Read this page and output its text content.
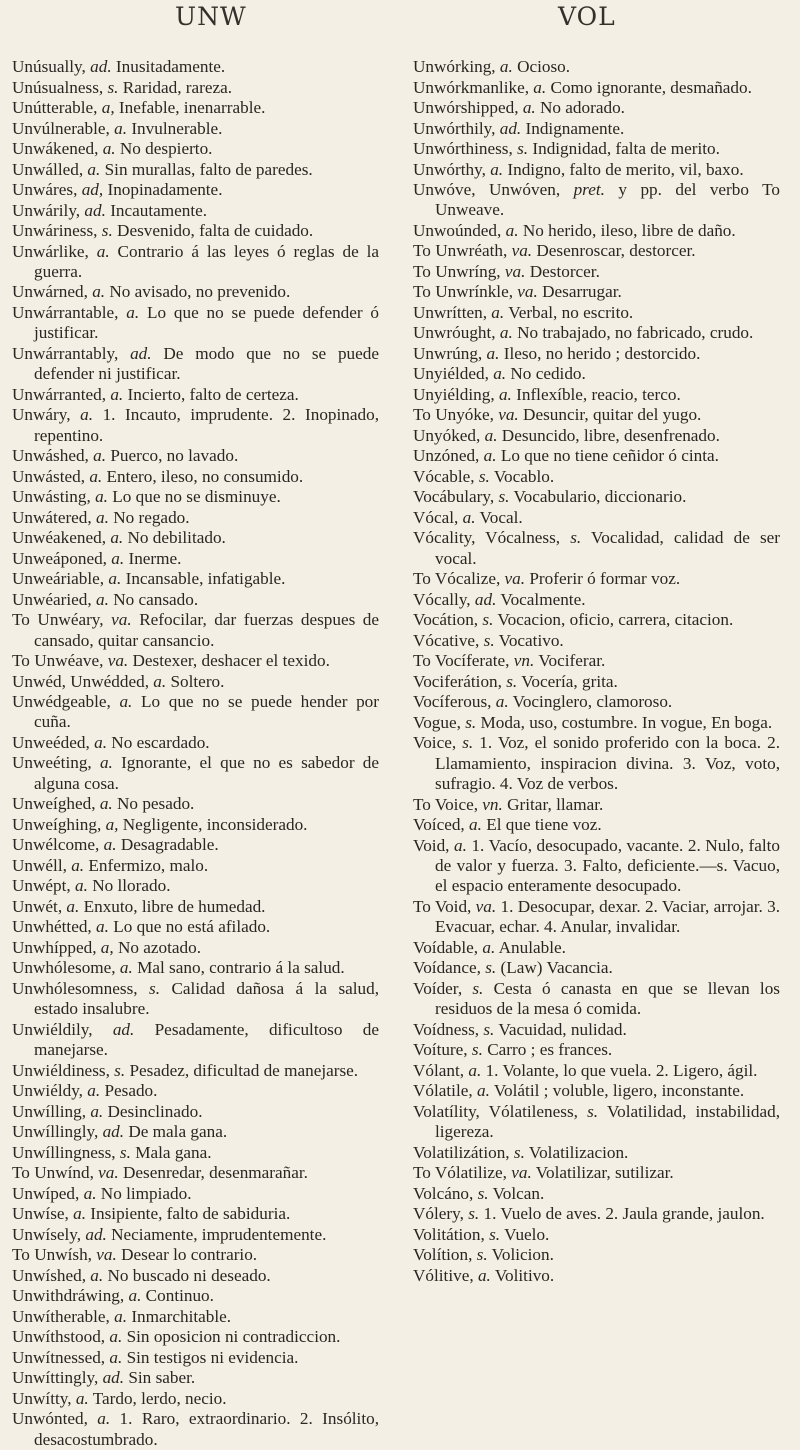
UNW	VOL
Unúsually, ad. Inusitadamente.
Unúsualness, s. Raridad, rareza.
Unútterable, a, Inefable, inenarrable.
Unvúlnerable, a. Invulnerable.
Unwákened, a. No despierto.
Unwálled, a. Sin murallas, falto de paredes.
Unwáres, ad, Inopinadamente.
Unwárily, ad. Incautamente.
Unwáriness, s. Desvenido, falta de cuidado.
Unwárlike, a. Contrario á las leyes ó reglas de la guerra.
Unwárned, a. No avisado, no prevenido.
Unwárrantable, a. Lo que no se puede defender ó justificar.
Unwárrantably, ad. De modo que no se puede defender ni justificar.
Unwárranted, a. Incierto, falto de certeza.
Unwáry, a. 1. Incauto, imprudente. 2. Inopinado, repentino.
Unwáshed, a. Puerco, no lavado.
Unwásted, a. Entero, ileso, no consumido.
Unwásting, a. Lo que no se disminuye.
Unwátered, a. No regado.
Unwéakened, a. No debilitado.
Unweáponed, a. Inerme.
Unweáriable, a. Incansable, infatigable.
Unwéaried, a. No cansado.
To Unwéary, va. Refocilar, dar fuerzas despues de cansado, quitar cansancio.
To Unwéave, va. Destexer, deshacer el texido.
Unwéd, Unwédded, a. Soltero.
Unwédgeable, a. Lo que no se puede hender por cuña.
Unweéded, a. No escardado.
Unweéting, a. Ignorante, el que no es sabedor de alguna cosa.
Unweíghed, a. No pesado.
Unweíghing, a, Negligente, inconsiderado.
Unwélcome, a. Desagradable.
Unwéll, a. Enfermizo, malo.
Unwépt, a. No llorado.
Unwét, a. Enxuto, libre de humedad.
Unwhétted, a. Lo que no está afilado.
Unwhípped, a, No azotado.
Unwhólesome, a. Mal sano, contrario á la salud.
Unwhólesomness, s. Calidad dañosa á la salud, estado insalubre.
Unwiéldily, ad. Pesadamente, dificultoso de manejarse.
Unwiéldiness, s. Pesadez, dificultad de manejarse.
Unwiéldy, a. Pesado.
Unwílling, a. Desinclinado.
Unwíllingly, ad. De mala gana.
Unwíllingness, s. Mala gana.
To Unwínd, va. Desenredar, desenmarañar.
Unwíped, a. No limpiado.
Unwíse, a. Insipiente, falto de sabiduria.
Unwísely, ad. Neciamente, imprudentemente.
To Unwísh, va. Desear lo contrario.
Unwíshed, a. No buscado ni deseado.
Unwithdráwing, a. Continuo.
Unwítherable, a. Inmarchitable.
Unwíthstood, a. Sin oposicion ni contradiccion.
Unwítnessed, a. Sin testigos ni evidencia.
Unwíttingly, ad. Sin saber.
Unwítty, a. Tardo, lerdo, necio.
Unwónted, a. 1. Raro, extraordinario. 2. Insólito, desacostumbrado.
Unwórking, a. Ocioso.
Unwórkmanlike, a. Como ignorante, desmañado.
Unwórshipped, a. No adorado.
Unwórthily, ad. Indignamente.
Unwórthiness, s. Indignidad, falta de merito.
Unwórthy, a. Indigno, falto de merito, vil, baxo.
Unwóve, Unwóven, pret. y pp. del verbo To Unweave.
Unwoúnded, a. No herido, ileso, libre de daño.
To Unwréath, va. Desenroscar, destorcer.
To Unwríng, va. Destorcer.
To Unwrínkle, va. Desarrugar.
Unwrítten, a. Verbal, no escrito.
Unwróught, a. No trabajado, no fabricado, crudo.
Unwrúng, a. Ileso, no herido ; destorcido.
Unyiélded, a. No cedido.
Unyiélding, a. Inflexíble, reacio, terco.
To Unyóke, va. Desuncir, quitar del yugo.
Unyóked, a. Desuncido, libre, desenfrenado.
Unzóned, a. Lo que no tiene ceñidor ó cinta.
Vócable, s. Vocablo.
Vocábulary, s. Vocabulario, diccionario.
Vócal, a. Vocal.
Vócality, Vócalness, s. Vocalidad, calidad de ser vocal.
To Vócalize, va. Proferir ó formar voz.
Vócally, ad. Vocalmente.
Vocátion, s. Vocacion, oficio, carrera, citacion.
Vócative, s. Vocativo.
To Vocíferate, vn. Vociferar.
Vociferátion, s. Vocería, grita.
Vocíferous, a. Vocinglero, clamoroso.
Vogue, s. Moda, uso, costumbre. In vogue, En boga.
Voice, s. 1. Voz, el sonido proferido con la boca. 2. Llamamiento, inspiracion divina. 3. Voz, voto, sufragio. 4. Voz de verbos.
To Voice, vn. Gritar, llamar.
Voíced, a. El que tiene voz.
Void, a. 1. Vacío, desocupado, vacante. 2. Nulo, falto de valor y fuerza. 3. Falto, deficiente.—s. Vacuo, el espacio enteramente desocupado.
To Void, va. 1. Desocupar, dexar. 2. Vaciar, arrojar. 3. Evacuar, echar. 4. Anular, invalidar.
Voídable, a. Anulable.
Voídance, s. (Law) Vacancia.
Voíder, s. Cesta ó canasta en que se llevan los residuos de la mesa ó comida.
Voídness, s. Vacuidad, nulidad.
Voíture, s. Carro ; es frances.
Vólant, a. 1. Volante, lo que vuela. 2. Ligero, ágil.
Vólatile, a. Volátil ; voluble, ligero, inconstante.
Volatílity, Vólatileness, s. Volatilidad, instabilidad, ligereza.
Volatilizátion, s. Volatilizacion.
To Vólatilize, va. Volatilizar, sutilizar.
Volcáno, s. Volcan.
Vólery, s. 1. Vuelo de aves. 2. Jaula grande, jaulon.
Volitátion, s. Vuelo.
Volítion, s. Volicion.
Vólitive, a. Volitivo.
